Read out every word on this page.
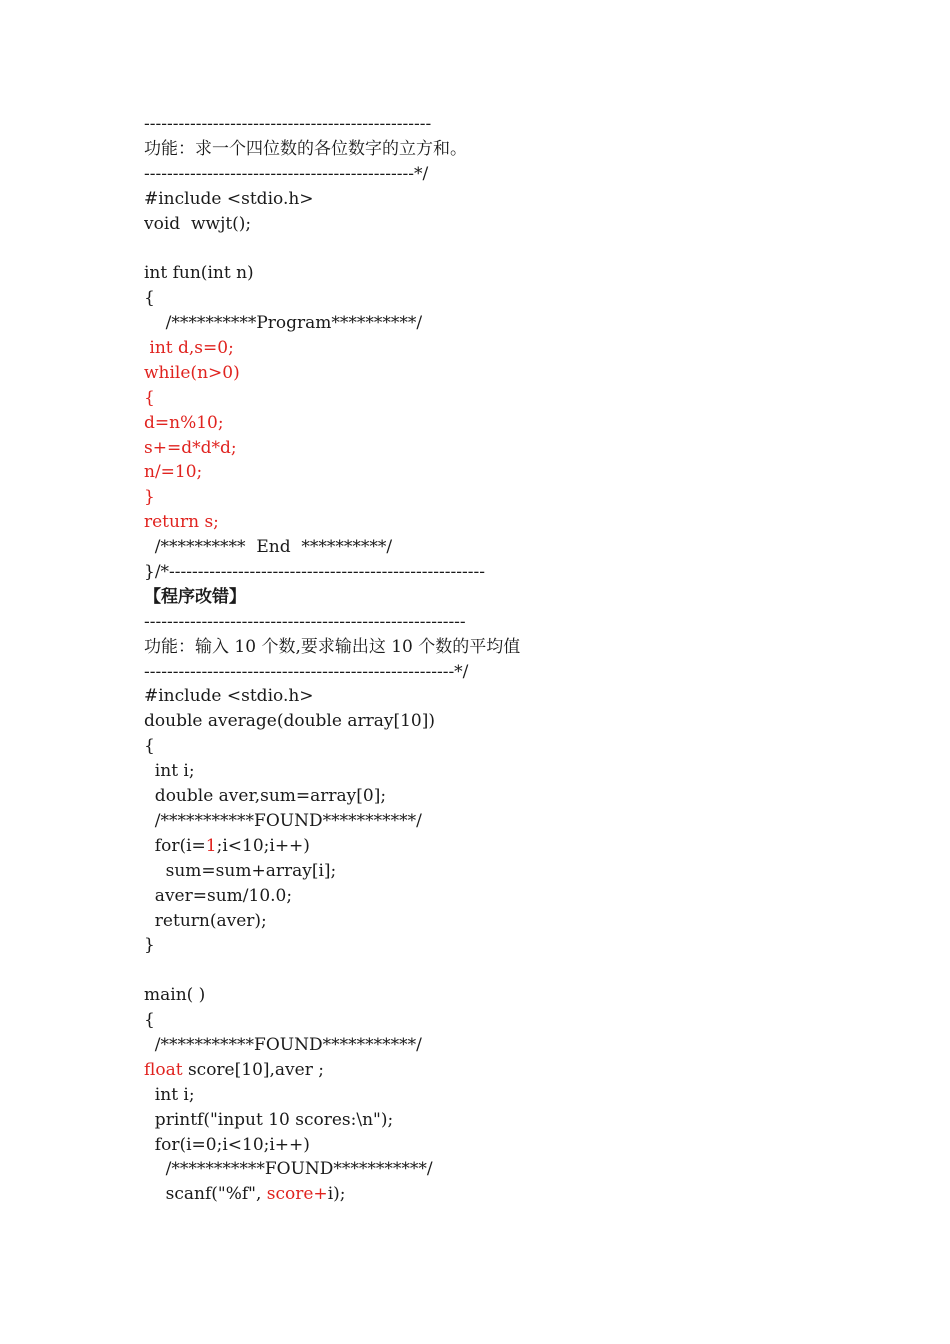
--------------------------------------------------
功能：求一个四位数的各位数字的立方和。
-----------------------------------------------*/
#include <stdio.h>
void  wwjt();
int fun(int n)
{
/**********Program**********/
int d,s=0;
while(n>0)
{
d=n%10;
s+=d*d*d;
n/=10;
}
return s;
/**********  End  **********/
}/*-------------------------------------------------------
【程序改错】
--------------------------------------------------------
功能：输入 10 个数,要求输出这 10 个数的平均值
------------------------------------------------------*/
#include <stdio.h>
double average(double array[10])
{
int i;
double aver,sum=array[0];
/***********FOUND***********/
for(i=1;i<10;i++)
sum=sum+array[i];
aver=sum/10.0;
return(aver);
}
main( )
{
/***********FOUND***********/
float score[10],aver ;
int i;
printf("input 10 scores:\n");
for(i=0;i<10;i++)
/***********FOUND***********/
scanf("%f", score+i);
